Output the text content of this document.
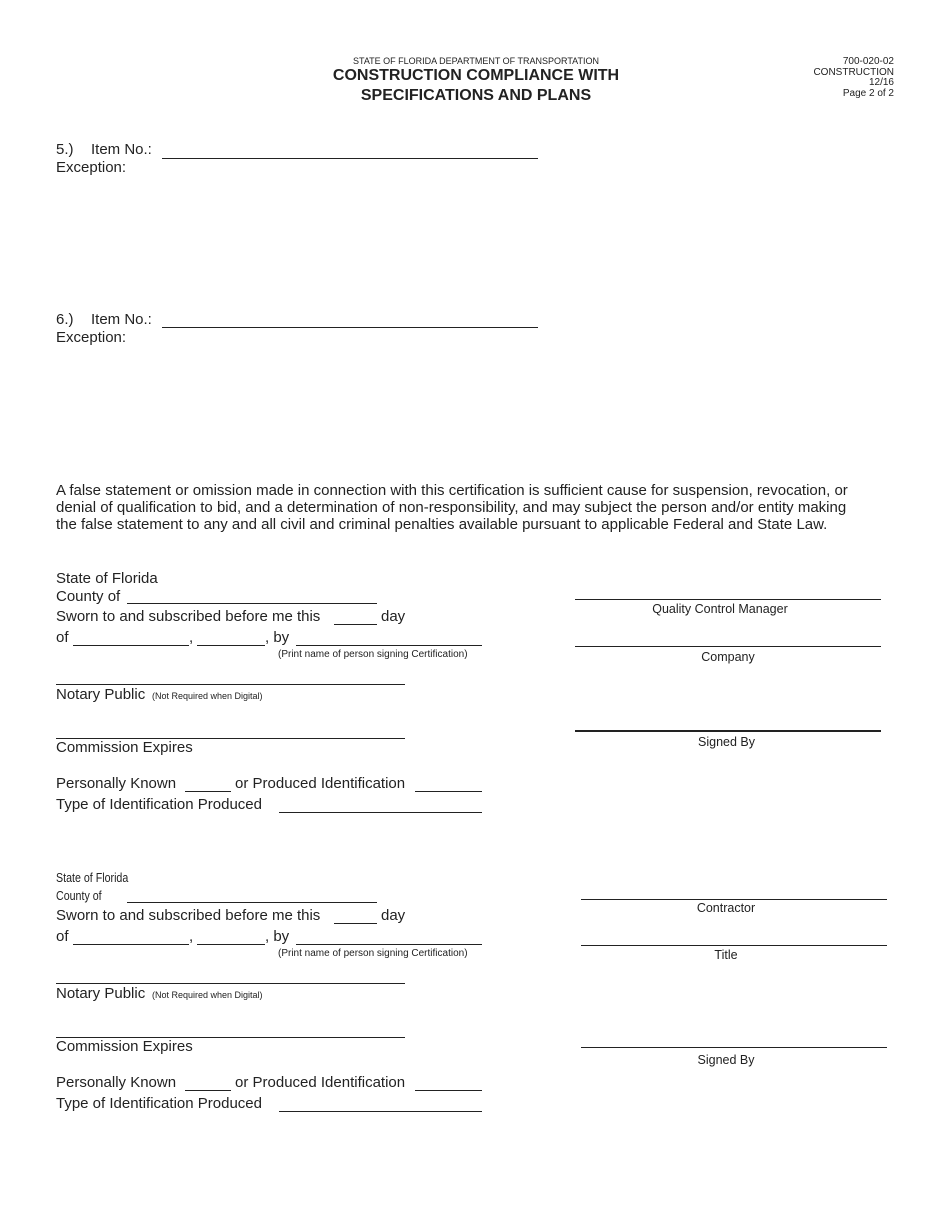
STATE OF FLORIDA DEPARTMENT OF TRANSPORTATION
CONSTRUCTION COMPLIANCE WITH
SPECIFICATIONS AND PLANS
700-020-02
CONSTRUCTION
12/16
Page 2 of 2
5.) Item No.:
Exception:
6.) Item No.:
Exception:
A false statement or omission made in connection with this certification is sufficient cause for suspension, revocation, or
denial of qualification to bid, and a determination of non-responsibility, and may subject the person and/or entity making
the false statement to any and all civil and criminal penalties available pursuant to applicable Federal and State Law.
State of Florida
County of
Sworn to and subscribed before me this	day
of	,	, by
(Print name of person signing Certification)
Notary Public (Not Required when Digital)
Commission Expires
Personally Known	or Produced Identification
Type of Identification Produced
Quality Control Manager
Company
Signed By
State of Florida
County of
Sworn to and subscribed before me this	day
of	,	, by
(Print name of person signing Certification)
Notary Public (Not Required when Digital)
Commission Expires
Personally Known	or Produced Identification
Type of Identification Produced
Contractor
Title
Signed By
